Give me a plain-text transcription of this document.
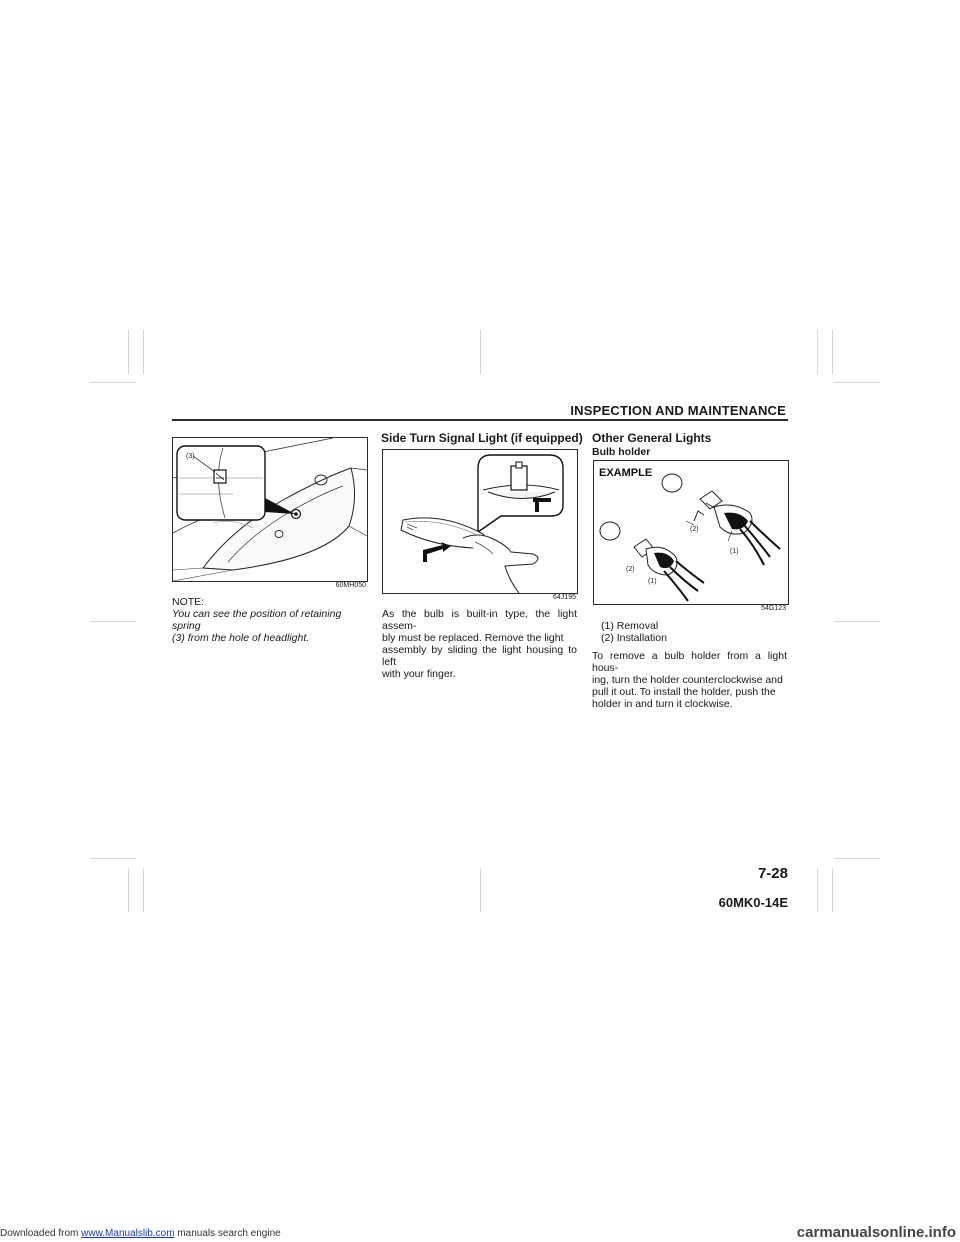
INSPECTION AND MAINTENANCE
(3)
60MH050
NOTE:
You can see the position of retaining spring
(3) from the hole of headlight.
Side Turn Signal Light (if equipped)
64J195
As the bulb is built-in type, the light assem-
bly must be replaced. Remove the light
assembly by sliding the light housing to left
with your finger.
Other General Lights
Bulb holder
EXAMPLE
(2)
(1)
(2)
(1)
54G123
(1) Removal
(2) Installation
To remove a bulb holder from a light hous-
ing, turn the holder counterclockwise and
pull it out. To install the holder, push the
holder in and turn it clockwise.
7-28
60MK0-14E
Downloaded from www.Manualslib.com manuals search engine	carmanualsonline.info
